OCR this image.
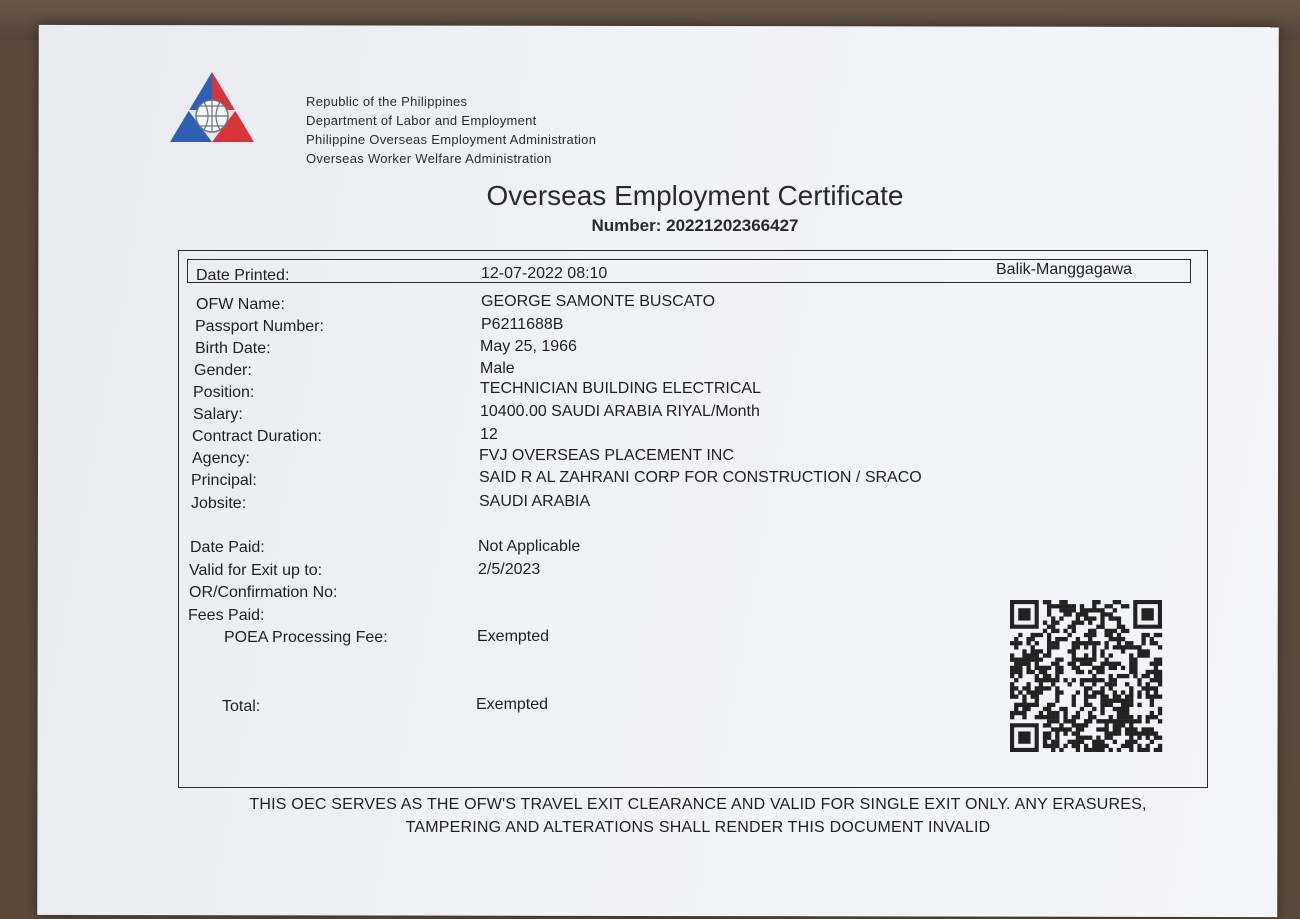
Republic of the Philippines
Department of Labor and Employment
Philippine Overseas Employment Administration
Overseas Worker Welfare Administration
Overseas Employment Certificate
Number: 20221202366427
Date Printed:	12-07-2022 08:10	Balik-Manggagawa
OFW Name:	GEORGE SAMONTE BUSCATO
Passport Number:	P6211688B
Birth Date:	May 25, 1966
Gender:	Male
Position:	TECHNICIAN BUILDING ELECTRICAL
Salary:	10400.00 SAUDI ARABIA RIYAL/Month
Contract Duration:	12
Agency:	FVJ OVERSEAS PLACEMENT INC
Principal:	SAID R AL ZAHRANI CORP FOR CONSTRUCTION / SRACO
Jobsite:	SAUDI ARABIA
Date Paid:	Not Applicable
Valid for Exit up to:	2/5/2023
OR/Confirmation No:
Fees Paid:
POEA Processing Fee:	Exempted
Total:	Exempted
THIS OEC SERVES AS THE OFW'S TRAVEL EXIT CLEARANCE AND VALID FOR SINGLE EXIT ONLY. ANY ERASURES,
TAMPERING AND ALTERATIONS SHALL RENDER THIS DOCUMENT INVALID
